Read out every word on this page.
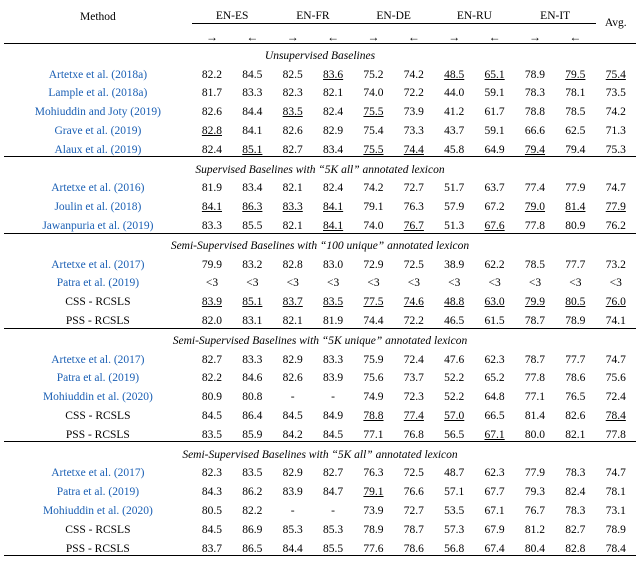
Method	EN-ES		EN-FR		EN-DE		EN-RU		EN-IT		Avg.
	→	←	→	←	→	←	→	←	→	←	
Unsupervised Baselines											
Artetxe et al. (2018a)	82.2	84.5	82.5	83.6	75.2	74.2	48.5	65.1	78.9	79.5	75.4
Lample et al. (2018a)	81.7	83.3	82.3	82.1	74.0	72.2	44.0	59.1	78.3	78.1	73.5
Mohiuddin and Joty (2019)	82.6	84.4	83.5	82.4	75.5	73.9	41.2	61.7	78.8	78.5	74.2
Grave et al. (2019)	82.8	84.1	82.6	82.9	75.4	73.3	43.7	59.1	66.6	62.5	71.3
Alaux et al. (2019)	82.4	85.1	82.7	83.4	75.5	74.4	45.8	64.9	79.4	79.4	75.3
Supervised Baselines with “5K all” annotated lexicon											
Artetxe et al. (2016)	81.9	83.4	82.1	82.4	74.2	72.7	51.7	63.7	77.4	77.9	74.7
Joulin et al. (2018)	84.1	86.3	83.3	84.1	79.1	76.3	57.9	67.2	79.0	81.4	77.9
Jawanpuria et al. (2019)	83.3	85.5	82.1	84.1	74.0	76.7	51.3	67.6	77.8	80.9	76.2
Semi-Supervised Baselines with “100 unique” annotated lexicon											
Artetxe et al. (2017)	79.9	83.2	82.8	83.0	72.9	72.5	38.9	62.2	78.5	77.7	73.2
Patra et al. (2019)	<3	<3	<3	<3	<3	<3	<3	<3	<3	<3	<3
CSS - RCSLS	83.9	85.1	83.7	83.5	77.5	74.6	48.8	63.0	79.9	80.5	76.0
PSS - RCSLS	82.0	83.1	82.1	81.9	74.4	72.2	46.5	61.5	78.7	78.9	74.1
Semi-Supervised Baselines with “5K unique” annotated lexicon											
Artetxe et al. (2017)	82.7	83.3	82.9	83.3	75.9	72.4	47.6	62.3	78.7	77.7	74.7
Patra et al. (2019)	82.2	84.6	82.6	83.9	75.6	73.7	52.2	65.2	77.8	78.6	75.6
Mohiuddin et al. (2020)	80.9	80.8	-	-	74.9	72.3	52.2	64.8	77.1	76.5	72.4
CSS - RCSLS	84.5	86.4	84.5	84.9	78.8	77.4	57.0	66.5	81.4	82.6	78.4
PSS - RCSLS	83.5	85.9	84.2	84.5	77.1	76.8	56.5	67.1	80.0	82.1	77.8
Semi-Supervised Baselines with “5K all” annotated lexicon											
Artetxe et al. (2017)	82.3	83.5	82.9	82.7	76.3	72.5	48.7	62.3	77.9	78.3	74.7
Patra et al. (2019)	84.3	86.2	83.9	84.7	79.1	76.6	57.1	67.7	79.3	82.4	78.1
Mohiuddin et al. (2020)	80.5	82.2	-	-	73.9	72.7	53.5	67.1	76.7	78.3	73.1
CSS - RCSLS	84.5	86.9	85.3	85.3	78.9	78.7	57.3	67.9	81.2	82.7	78.9
PSS - RCSLS	83.7	86.5	84.4	85.5	77.6	78.6	56.8	67.4	80.4	82.8	78.4
